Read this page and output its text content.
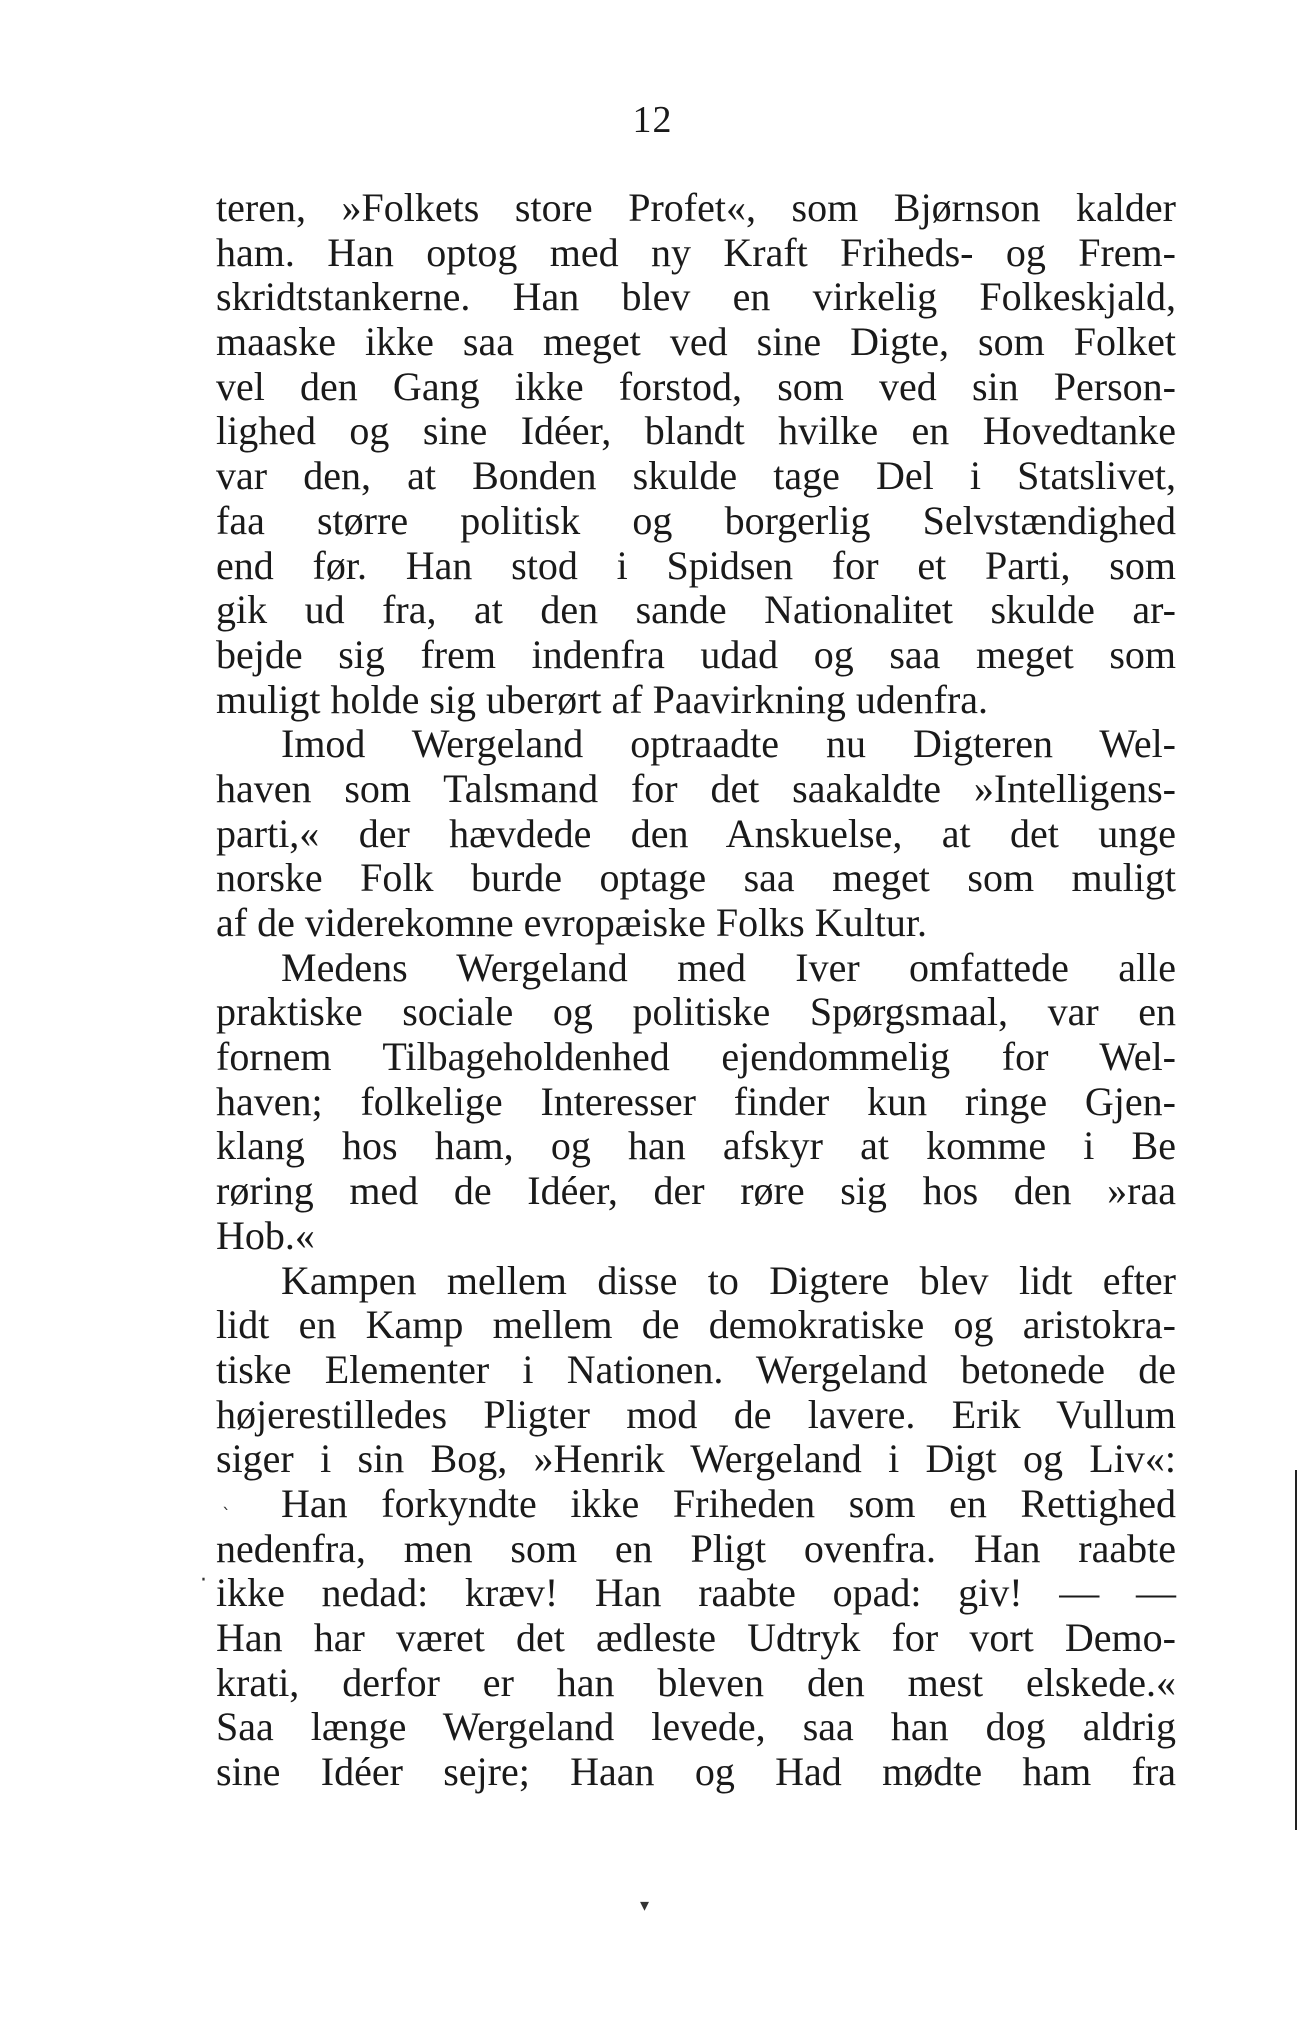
12
teren, »Folkets store Profet«, som Bjørnson kalder
ham. Han optog med ny Kraft Friheds- og Frem-
skridtstankerne. Han blev en virkelig Folkeskjald,
maaske ikke saa meget ved sine Digte, som Folket
vel den Gang ikke forstod, som ved sin Person-
lighed og sine Idéer, blandt hvilke en Hovedtanke
var den, at Bonden skulde tage Del i Statslivet,
faa større politisk og borgerlig Selvstændighed
end før. Han stod i Spidsen for et Parti, som
gik ud fra, at den sande Nationalitet skulde ar-
bejde sig frem indenfra udad og saa meget som
muligt holde sig uberørt af Paavirkning udenfra.
Imod Wergeland optraadte nu Digteren Wel-
haven som Talsmand for det saakaldte »Intelligens-
parti,« der hævdede den Anskuelse, at det unge
norske Folk burde optage saa meget som muligt
af de viderekomne evropæiske Folks Kultur.
Medens Wergeland med Iver omfattede alle
praktiske sociale og politiske Spørgsmaal, var en
fornem Tilbageholdenhed ejendommelig for Wel-
haven; folkelige Interesser finder kun ringe Gjen-
klang hos ham, og han afskyr at komme i Be
røring med de Idéer, der røre sig hos den »raa
Hob.«
Kampen mellem disse to Digtere blev lidt efter
lidt en Kamp mellem de demokratiske og aristokra-
tiske Elementer i Nationen. Wergeland betonede de
højerestilledes Pligter mod de lavere. Erik Vullum
siger i sin Bog, »Henrik Wergeland i Digt og Liv«:
Han forkyndte ikke Friheden som en Rettighed
nedenfra, men som en Pligt ovenfra. Han raabte
ikke nedad: kræv! Han raabte opad: giv! — —
Han har været det ædleste Udtryk for vort Demo-
krati, derfor er han bleven den mest elskede.«
Saa længe Wergeland levede, saa han dog aldrig
sine Idéer sejre; Haan og Had mødte ham fra
ˎ
·
▾
